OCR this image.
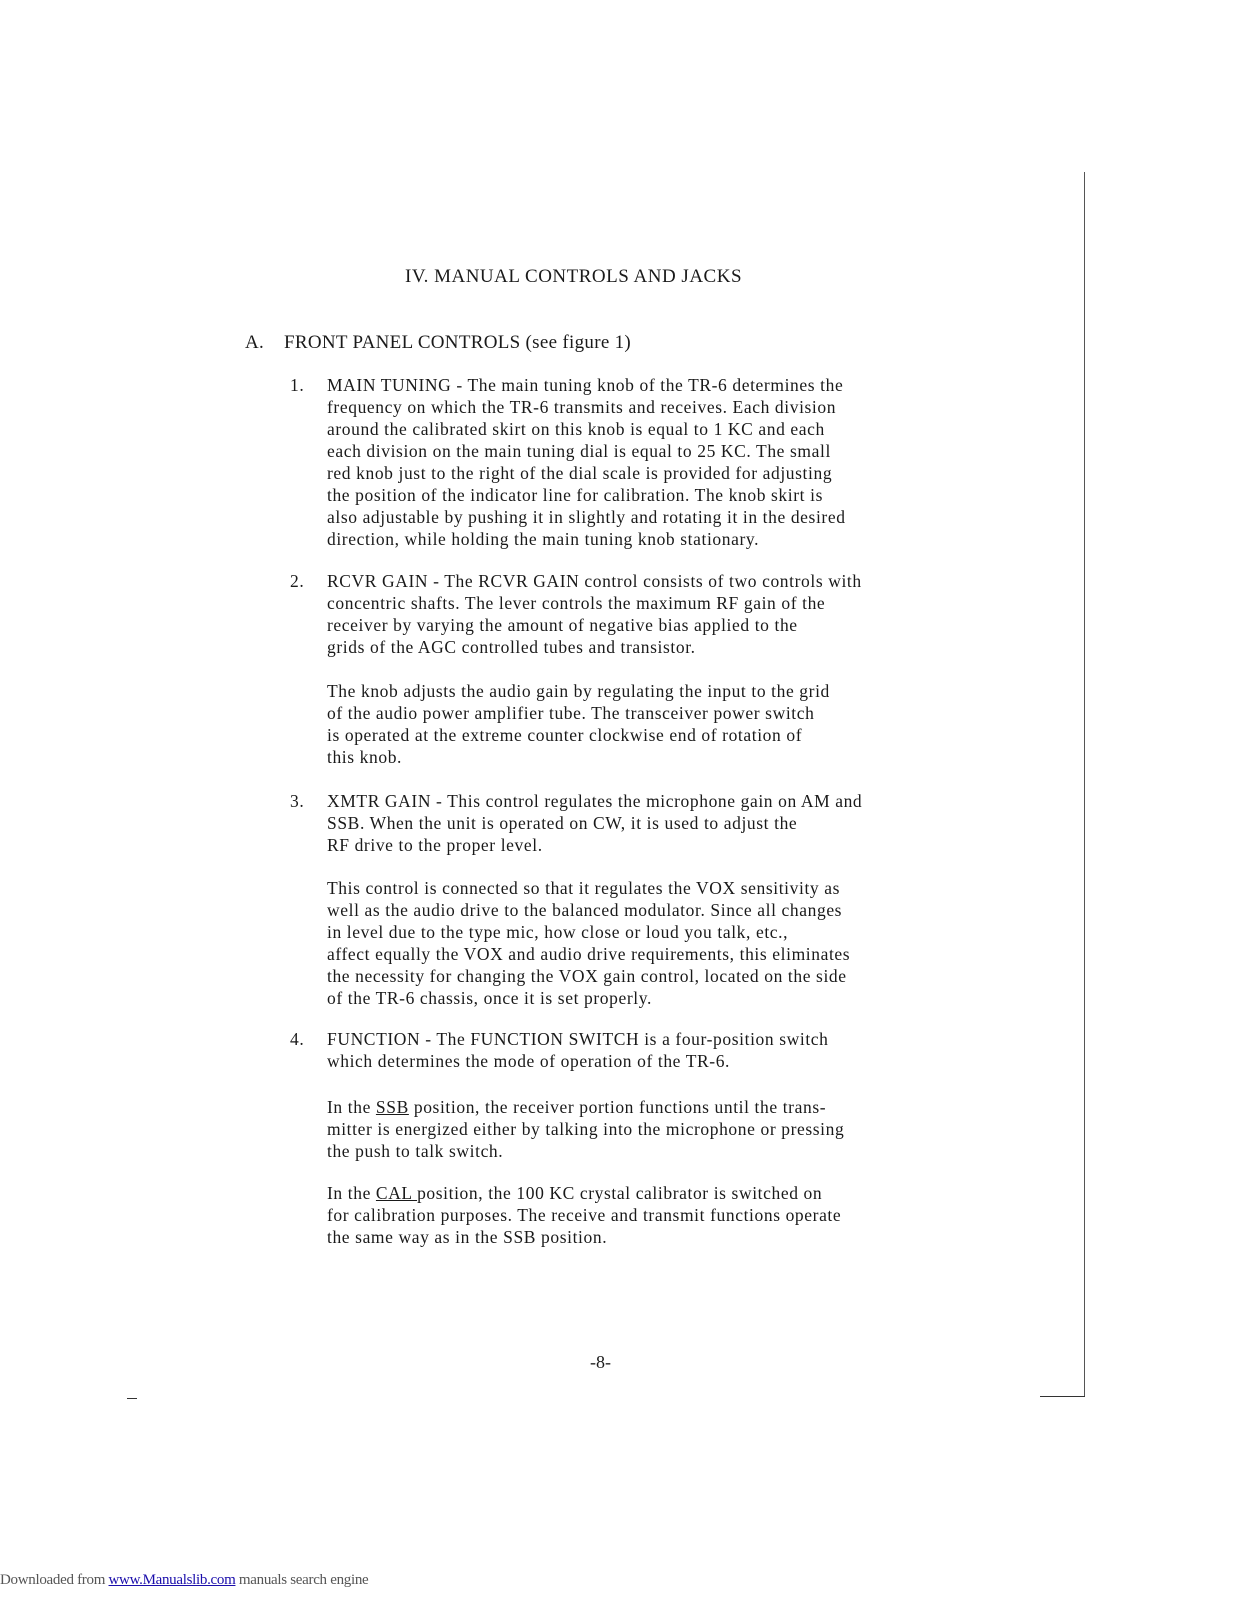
IV. MANUAL CONTROLS AND JACKS
A. FRONT PANEL CONTROLS (see figure 1)
1.	MAIN TUNING - The main tuning knob of the TR-6 determines the

frequency on which the TR-6 transmits and receives. Each division

around the calibrated skirt on this knob is equal to 1 KC and each

each division on the main tuning dial is equal to 25 KC. The small

red knob just to the right of the dial scale is provided for adjusting

the position of the indicator line for calibration. The knob skirt is

also adjustable by pushing it in slightly and rotating it in the desired

direction, while holding the main tuning knob stationary.

2.	RCVR GAIN - The RCVR GAIN control consists of two controls with

concentric shafts. The lever controls the maximum RF gain of the

receiver by varying the amount of negative bias applied to the

grids of the AGC controlled tubes and transistor.

The knob adjusts the audio gain by regulating the input to the grid

of the audio power amplifier tube. The transceiver power switch

is operated at the extreme counter clockwise end of rotation of

this knob.

3.	XMTR GAIN - This control regulates the microphone gain on AM and

SSB. When the unit is operated on CW, it is used to adjust the

RF drive to the proper level.

This control is connected so that it regulates the VOX sensitivity as

well as the audio drive to the balanced modulator. Since all changes

in level due to the type mic, how close or loud you talk, etc.,

affect equally the VOX and audio drive requirements, this eliminates

the necessity for changing the VOX gain control, located on the side

of the TR-6 chassis, once it is set properly.

4.	FUNCTION - The FUNCTION SWITCH is a four-position switch

which determines the mode of operation of the TR-6.

In the SSB position, the receiver portion functions until the trans-

mitter is energized either by talking into the microphone or pressing

the push to talk switch.

In the CAL position, the 100 KC crystal calibrator is switched on

for calibration purposes. The receive and transmit functions operate

the same way as in the SSB position.

-8-
Downloaded from www.Manualslib.com manuals search engine
